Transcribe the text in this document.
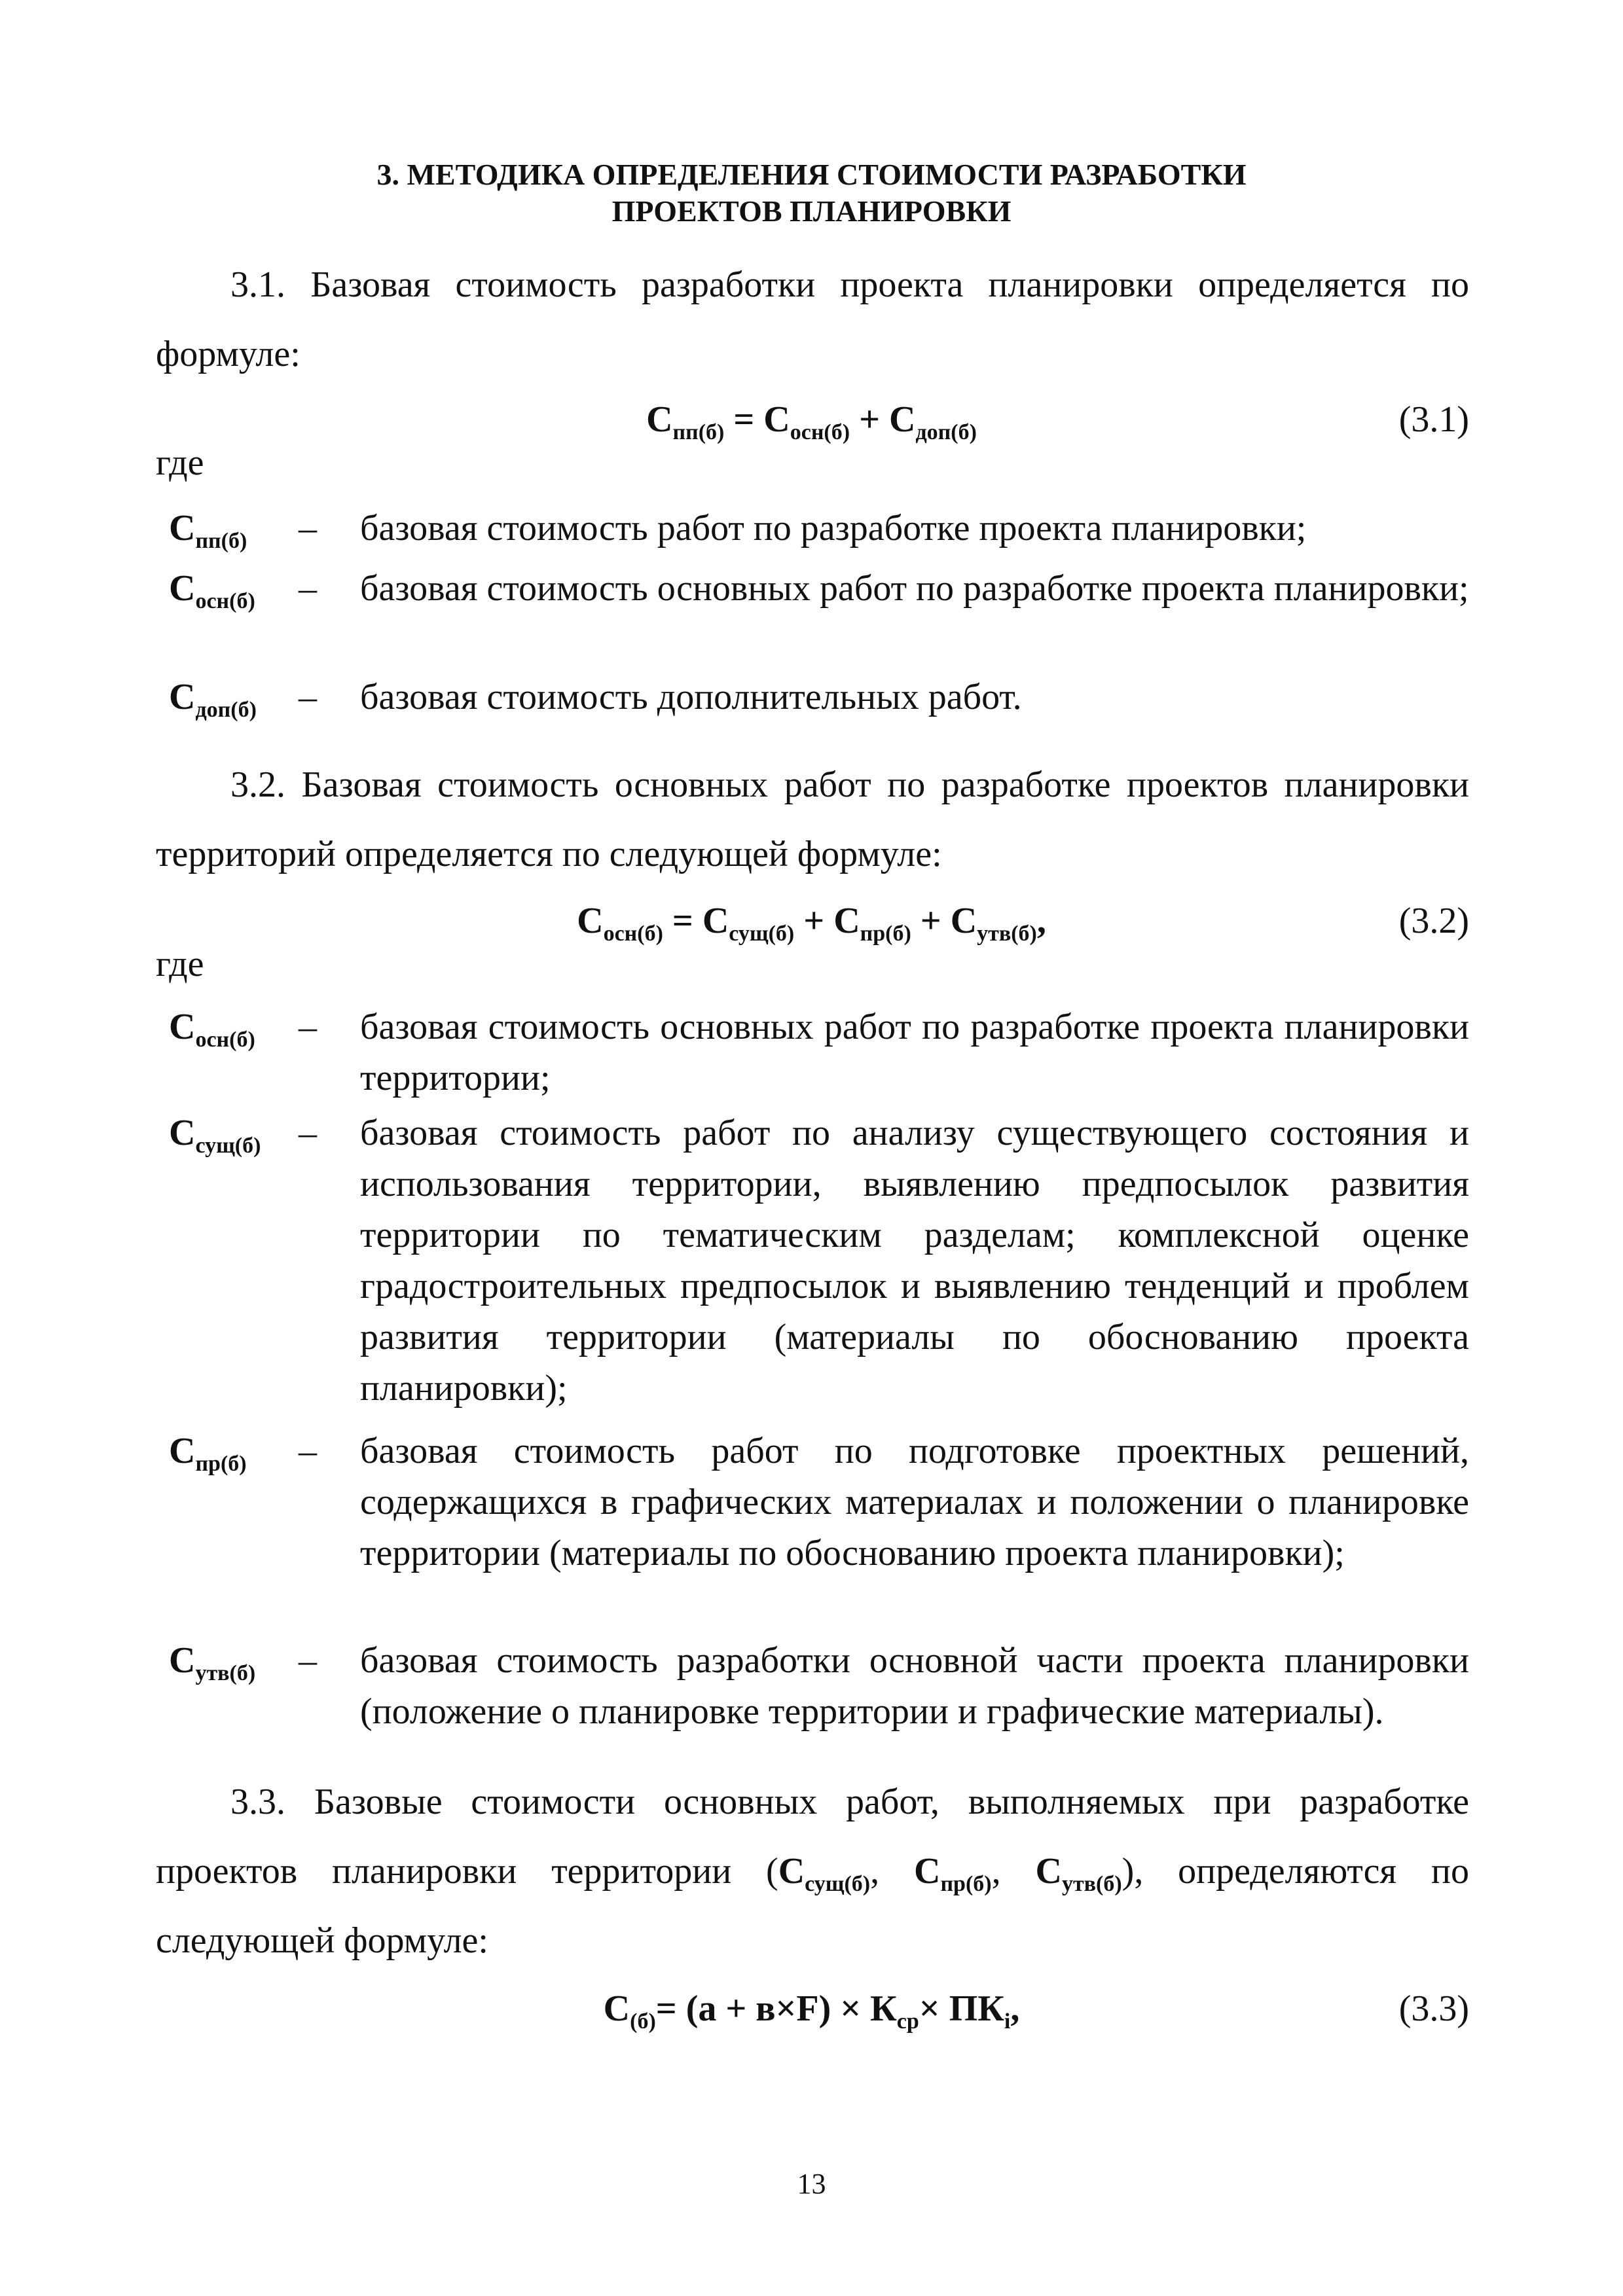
3. МЕТОДИКА ОПРЕДЕЛЕНИЯ СТОИМОСТИ РАЗРАБОТКИ
ПРОЕКТОВ ПЛАНИРОВКИ
3.1. Базовая стоимость разработки проекта планировки определяется по формуле:
$С_{пп(б)} = С_{осн(б)} + С_{доп(б)}$	(3.1)
где
$С_{пп(б)}$ – базовая стоимость работ по разработке проекта планировки;
$С_{осн(б)}$ – базовая стоимость основных работ по разработке проекта планировки;
$С_{доп(б)}$ – базовая стоимость дополнительных работ.
3.2. Базовая стоимость основных работ по разработке проектов планировки территорий определяется по следующей формуле:
$С_{осн(б)} = С_{сущ(б)} + С_{пр(б)} + С_{утв(б)}$,	(3.2)
где
$С_{осн(б)}$ – базовая стоимость основных работ по разработке проекта планировки территории;
$С_{сущ(б)}$ – базовая стоимость работ по анализу существующего состояния и использования территории, выявлению предпосылок развития территории по тематическим разделам; комплексной оценке градостроительных предпосылок и выявлению тенденций и проблем развития территории (материалы по обоснованию проекта планировки);
$С_{пр(б)}$ – базовая стоимость работ по подготовке проектных решений, содержащихся в графических материалах и положении о планировке территории (материалы по обоснованию проекта планировки);
$С_{утв(б)}$ – базовая стоимость разработки основной части проекта планировки (положение о планировке территории и графические материалы).
3.3. Базовые стоимости основных работ, выполняемых при разработке проектов планировки территории ($С_{сущ(б)}$, $С_{пр(б)}$, $С_{утв(б)}$), определяются по следующей формуле:
$С_{(б)}= (а + в\times F) \times К_{ср}\times ПК_i$,	(3.3)
13
